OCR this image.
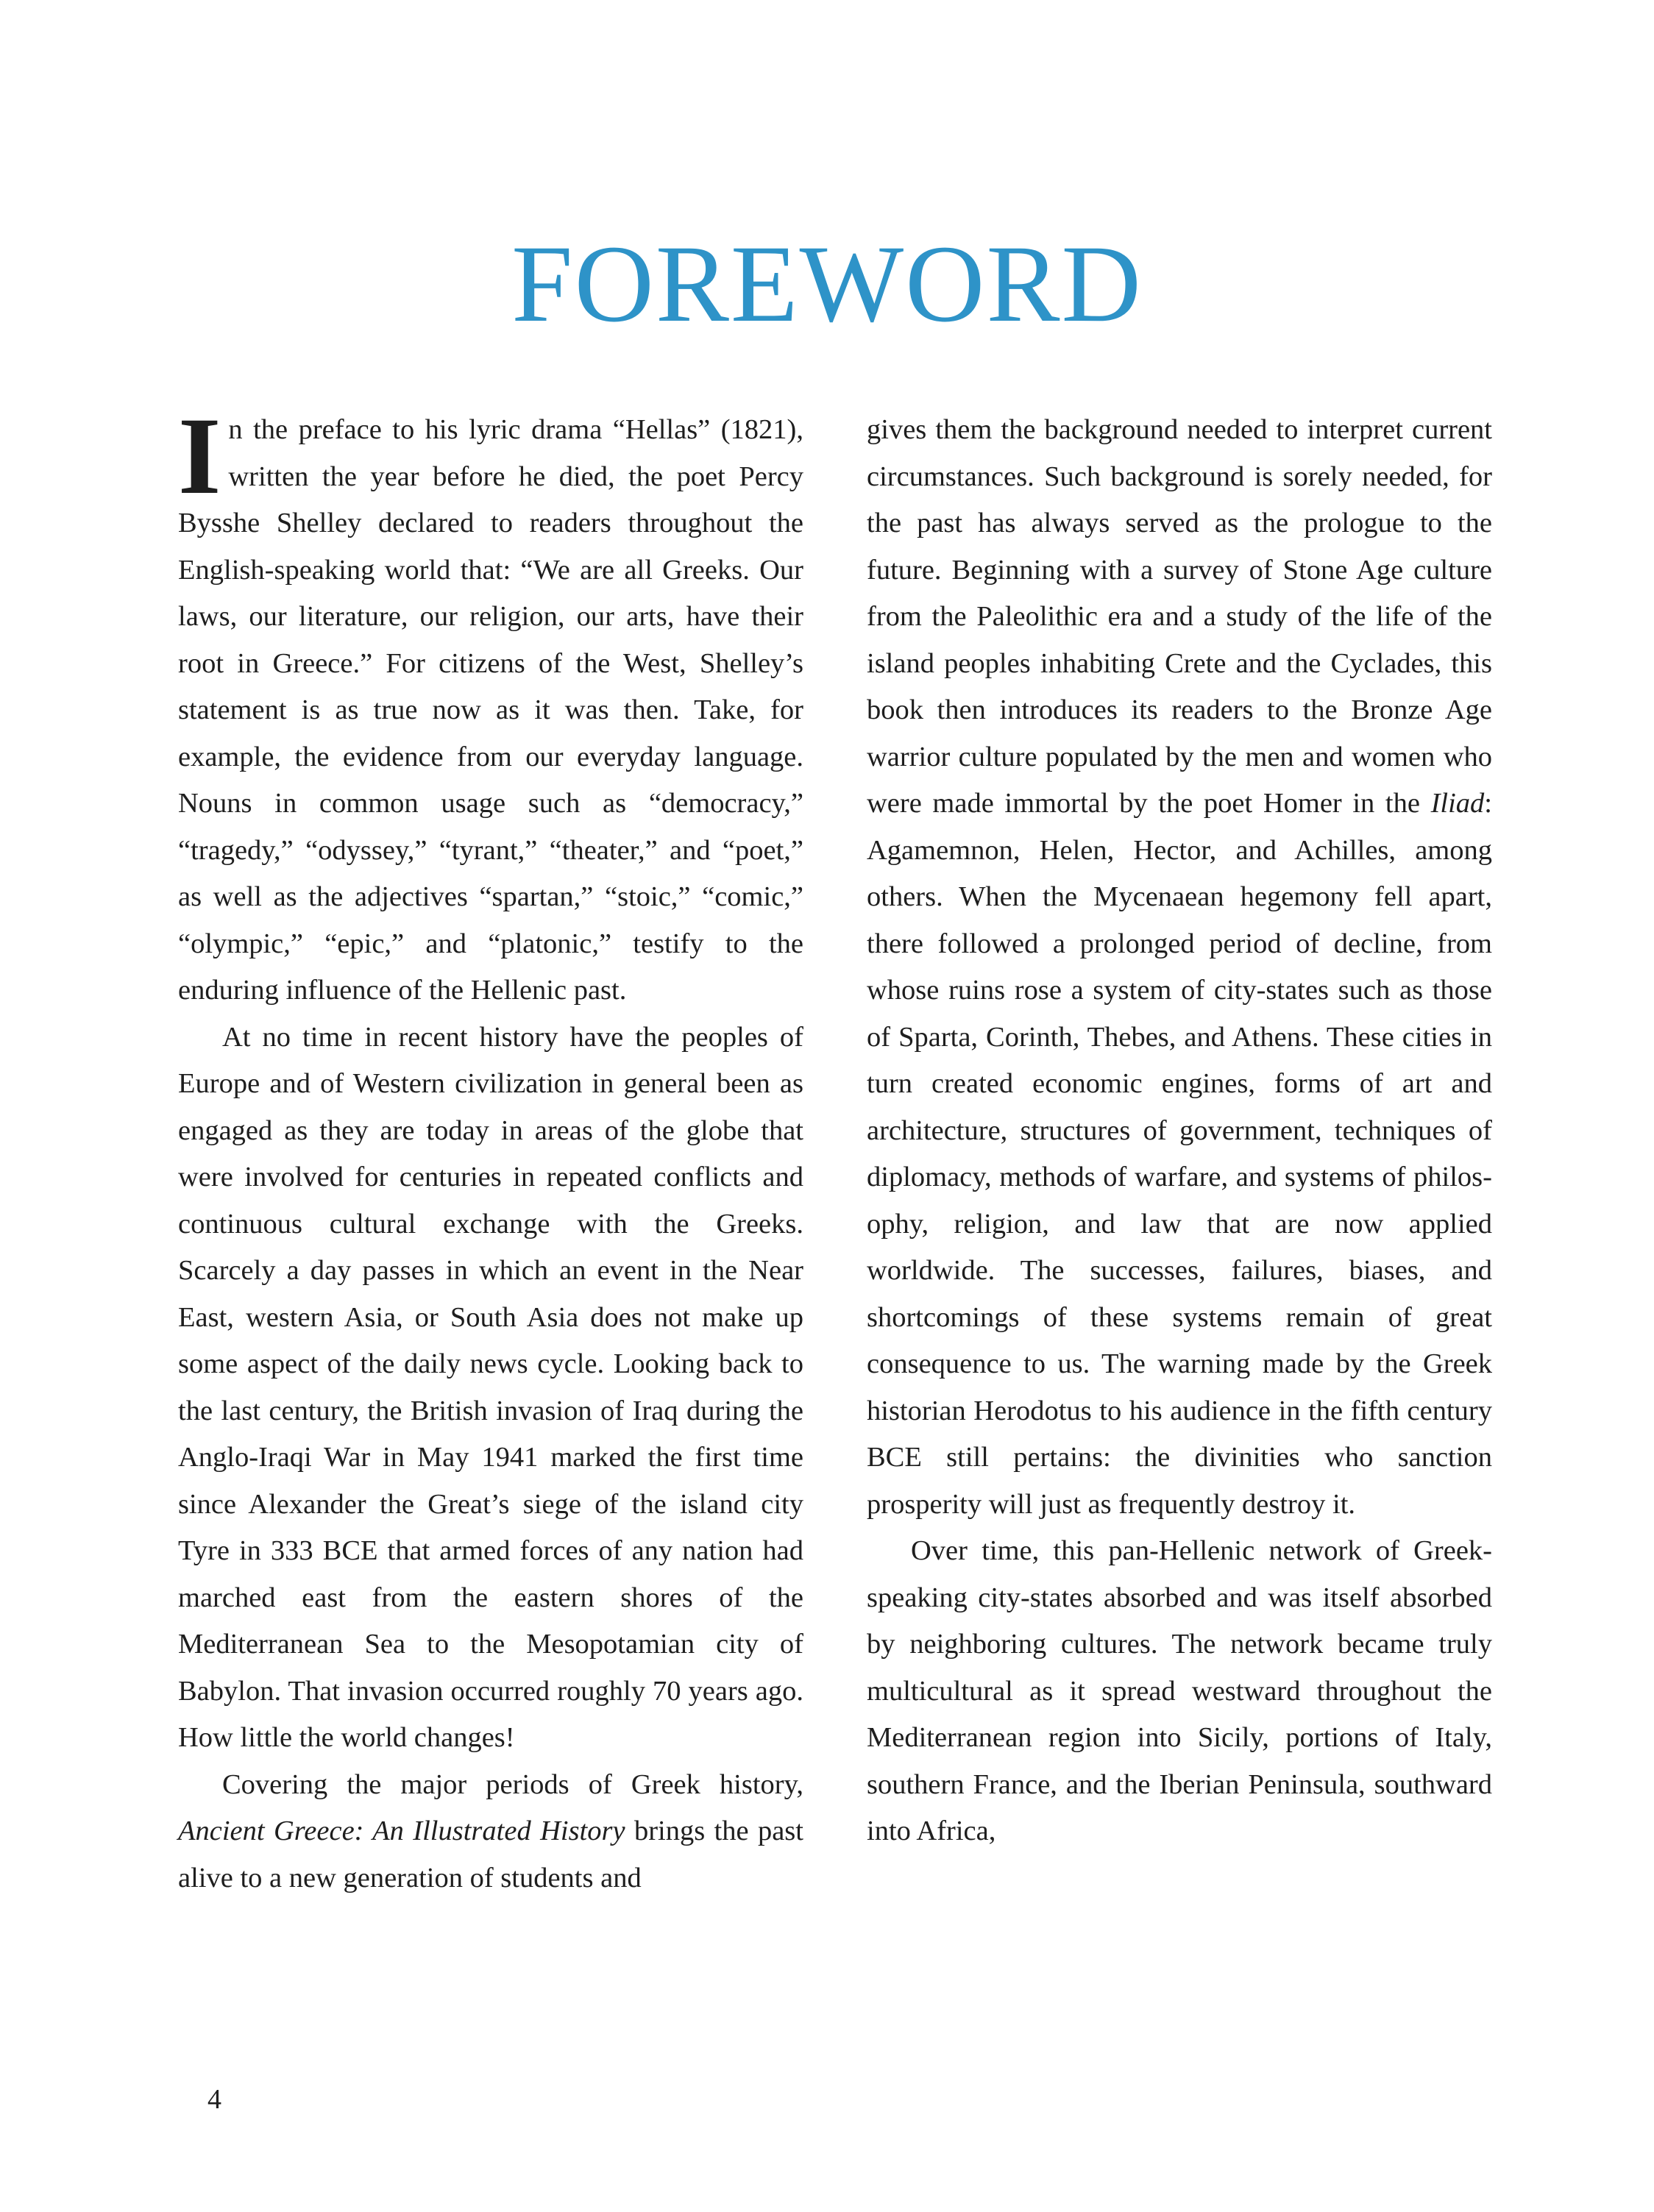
FOREWORD

In the preface to his lyric drama “Hellas” (1821), written the year before he died, the poet Percy Bysshe Shelley declared to readers throughout the English-speaking world that: “We are all Greeks. Our laws, our literature, our religion, our arts, have their root in Greece.” For citizens of the West, Shelley’s statement is as true now as it was then. Take, for example, the evidence from our everyday language. Nouns in common usage such as “democracy,” “tragedy,” “odyssey,” “tyrant,” “theater,” and “poet,” as well as the adjectives “spartan,” “stoic,” “comic,” “olympic,” “epic,” and “platonic,” testify to the enduring influence of the Hellenic past.

At no time in recent history have the peoples of Europe and of Western civilization in general been as engaged as they are today in areas of the globe that were involved for centuries in repeated conflicts and continuous cultural exchange with the Greeks. Scarcely a day passes in which an event in the Near East, western Asia, or South Asia does not make up some aspect of the daily news cycle. Looking back to the last century, the British invasion of Iraq during the Anglo-Iraqi War in May 1941 marked the first time since Alexander the Great’s siege of the island city Tyre in 333 BCE that armed forces of any nation had marched east from the eastern shores of the Mediterranean Sea to the Mesopotamian city of Babylon. That invasion occurred roughly 70 years ago. How little the world changes!

Covering the major periods of Greek history, Ancient Greece: An Illustrated History brings the past alive to a new generation of students and

gives them the background needed to interpret current circumstances. Such background is sorely needed, for the past has always served as the prologue to the future. Beginning with a survey of Stone Age culture from the Paleolithic era and a study of the life of the island peoples inhabiting Crete and the Cyclades, this book then introduces its readers to the Bronze Age warrior culture populated by the men and women who were made immortal by the poet Homer in the Iliad: Agamemnon, Helen, Hector, and Achilles, among others. When the Mycenaean hegemony fell apart, there followed a prolonged period of decline, from whose ruins rose a system of city-states such as those of Sparta, Corinth, Thebes, and Athens. These cities in turn created economic engines, forms of art and architecture, structures of government, techniques of diplomacy, methods of warfare, and systems of philosophy, religion, and law that are now applied worldwide. The successes, failures, biases, and shortcomings of these systems remain of great consequence to us. The warning made by the Greek historian Herodotus to his audience in the fifth century BCE still pertains: the divinities who sanction prosperity will just as frequently destroy it.

Over time, this pan-Hellenic network of Greek-speaking city-states absorbed and was itself absorbed by neighboring cultures. The network became truly multicultural as it spread westward throughout the Mediterranean region into Sicily, portions of Italy, southern France, and the Iberian Peninsula, southward into Africa,

4
